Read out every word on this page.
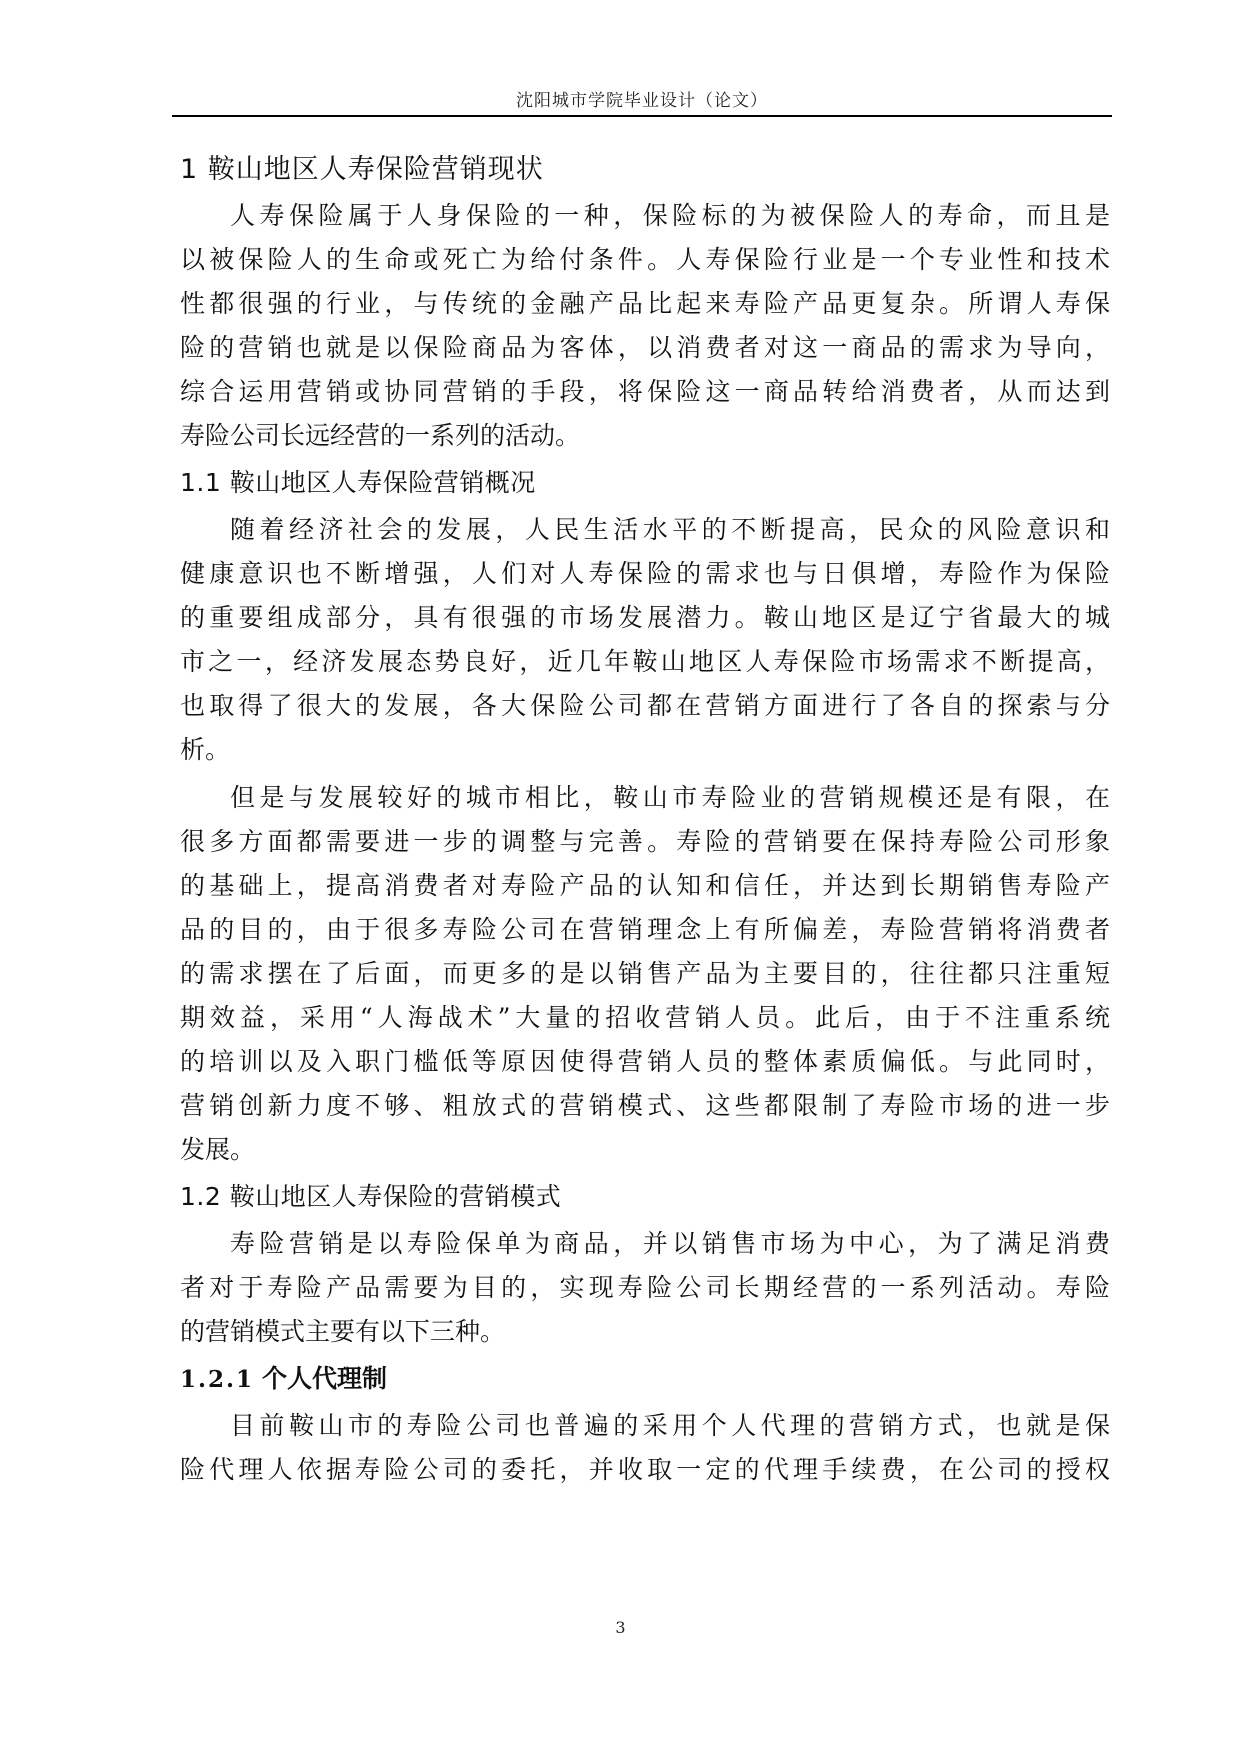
沈阳城市学院毕业设计（论文）
1 鞍山地区人寿保险营销现状
人寿保险属于人身保险的一种，保险标的为被保险人的寿命，而且是
以被保险人的生命或死亡为给付条件。人寿保险行业是一个专业性和技术
性都很强的行业，与传统的金融产品比起来寿险产品更复杂。所谓人寿保
险的营销也就是以保险商品为客体，以消费者对这一商品的需求为导向，
综合运用营销或协同营销的手段，将保险这一商品转给消费者，从而达到
寿险公司长远经营的一系列的活动。
1.1 鞍山地区人寿保险营销概况
随着经济社会的发展，人民生活水平的不断提高，民众的风险意识和
健康意识也不断增强，人们对人寿保险的需求也与日俱增，寿险作为保险
的重要组成部分，具有很强的市场发展潜力。鞍山地区是辽宁省最大的城
市之一，经济发展态势良好，近几年鞍山地区人寿保险市场需求不断提高，
也取得了很大的发展，各大保险公司都在营销方面进行了各自的探索与分
析。
但是与发展较好的城市相比，鞍山市寿险业的营销规模还是有限，在
很多方面都需要进一步的调整与完善。寿险的营销要在保持寿险公司形象
的基础上，提高消费者对寿险产品的认知和信任，并达到长期销售寿险产
品的目的，由于很多寿险公司在营销理念上有所偏差，寿险营销将消费者
的需求摆在了后面，而更多的是以销售产品为主要目的，往往都只注重短
期效益，采用“人海战术”大量的招收营销人员。此后，由于不注重系统
的培训以及入职门槛低等原因使得营销人员的整体素质偏低。与此同时，
营销创新力度不够、粗放式的营销模式、这些都限制了寿险市场的进一步
发展。
1.2 鞍山地区人寿保险的营销模式
寿险营销是以寿险保单为商品，并以销售市场为中心，为了满足消费
者对于寿险产品需要为目的，实现寿险公司长期经营的一系列活动。寿险
的营销模式主要有以下三种。
1.2.1 个人代理制
目前鞍山市的寿险公司也普遍的采用个人代理的营销方式，也就是保
险代理人依据寿险公司的委托，并收取一定的代理手续费，在公司的授权
3
